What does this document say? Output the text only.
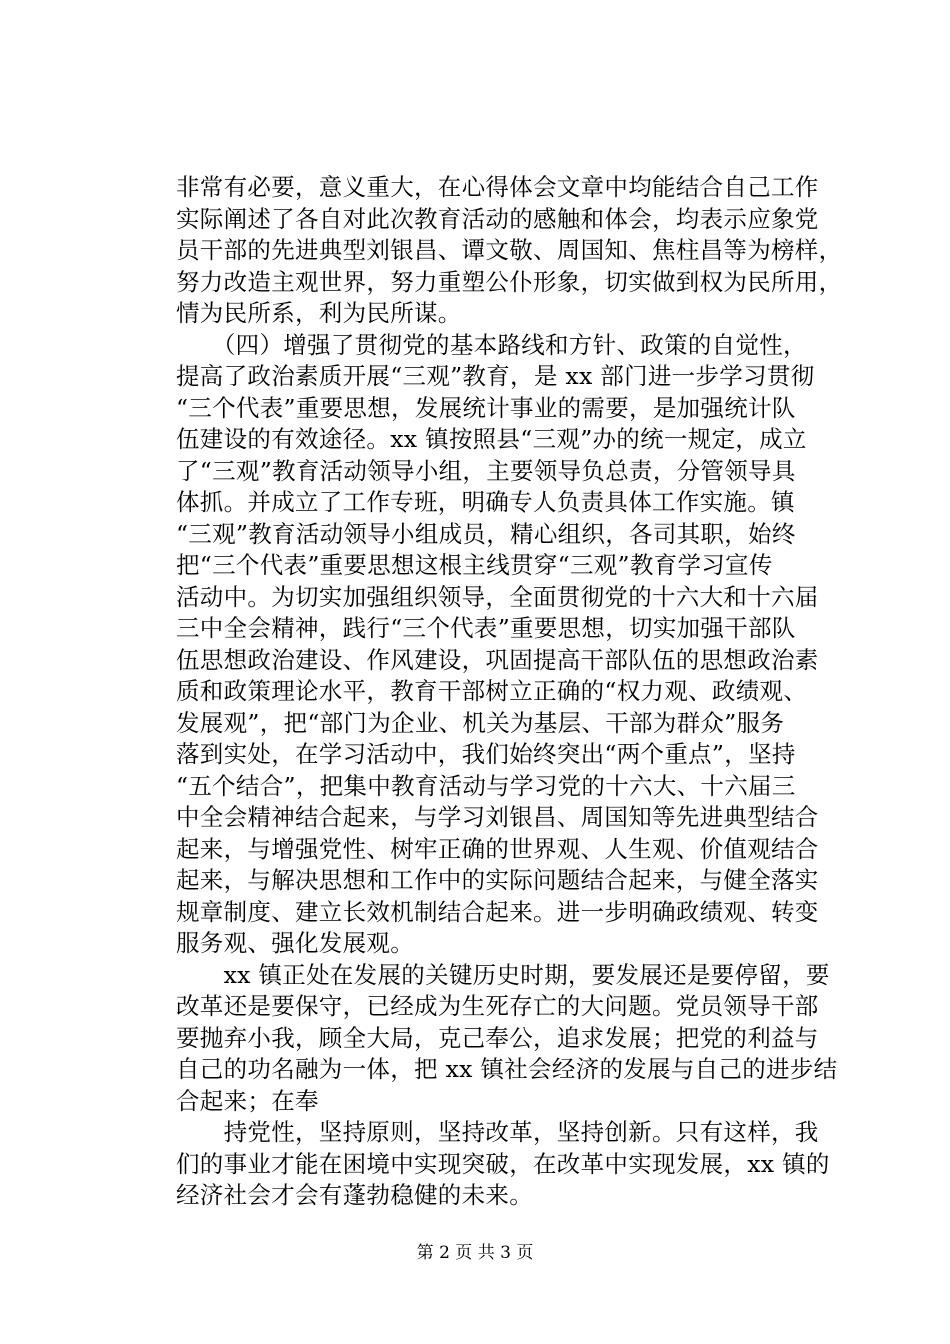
非常有必要，意义重大，在心得体会文章中均能结合自己工作
实际阐述了各自对此次教育活动的感触和体会，均表示应象党
员干部的先进典型刘银昌、谭文敬、周国知、焦柱昌等为榜样，
努力改造主观世界，努力重塑公仆形象，切实做到权为民所用，
情为民所系，利为民所谋。
　　（四）增强了贯彻党的基本路线和方针、政策的自觉性，
提高了政治素质开展“三观”教育，是 xx 部门进一步学习贯彻
“三个代表”重要思想，发展统计事业的需要，是加强统计队
伍建设的有效途径。xx 镇按照县“三观”办的统一规定，成立
了“三观”教育活动领导小组，主要领导负总责，分管领导具
体抓。并成立了工作专班，明确专人负责具体工作实施。镇
“三观”教育活动领导小组成员，精心组织，各司其职，始终
把“三个代表”重要思想这根主线贯穿“三观”教育学习宣传
活动中。为切实加强组织领导，全面贯彻党的十六大和十六届
三中全会精神，践行“三个代表”重要思想，切实加强干部队
伍思想政治建设、作风建设，巩固提高干部队伍的思想政治素
质和政策理论水平，教育干部树立正确的“权力观、政绩观、
发展观”，把“部门为企业、机关为基层、干部为群众”服务
落到实处，在学习活动中，我们始终突出“两个重点”，坚持
“五个结合”，把集中教育活动与学习党的十六大、十六届三
中全会精神结合起来，与学习刘银昌、周国知等先进典型结合
起来，与增强党性、树牢正确的世界观、人生观、价值观结合
起来，与解决思想和工作中的实际问题结合起来，与健全落实
规章制度、建立长效机制结合起来。进一步明确政绩观、转变
服务观、强化发展观。
　　xx 镇正处在发展的关键历史时期，要发展还是要停留，要
改革还是要保守，已经成为生死存亡的大问题。党员领导干部
要抛弃小我，顾全大局，克己奉公，追求发展；把党的利益与
自己的功名融为一体，把 xx 镇社会经济的发展与自己的进步结
合起来；在奉
　　持党性，坚持原则，坚持改革，坚持创新。只有这样，我
们的事业才能在困境中实现突破，在改革中实现发展，xx 镇的
经济社会才会有蓬勃稳健的未来。
第 2 页 共 3 页
